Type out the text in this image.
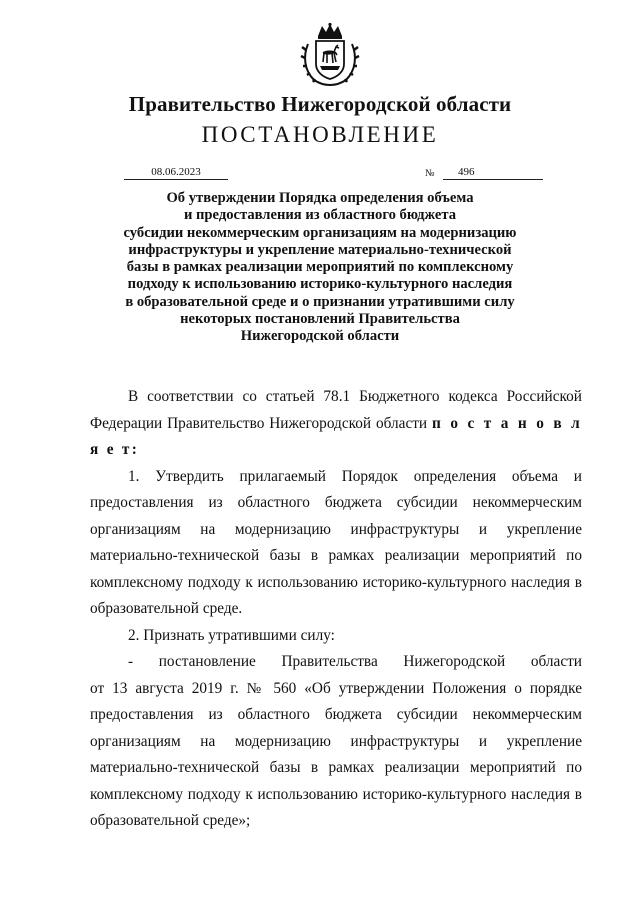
Правительство Нижегородской области
ПОСТАНОВЛЕНИЕ
08.06.2023	№	496
Об утверждении Порядка определения объема
и предоставления из областного бюджета
субсидии некоммерческим организациям на модернизацию
инфраструктуры и укрепление материально-технической
базы в рамках реализации мероприятий по комплексному
подходу к использованию историко-культурного наследия
в образовательной среде и о признании утратившими силу
некоторых постановлений Правительства
Нижегородской области

В соответствии со статьей 78.1 Бюджетного кодекса Российской Федерации Правительство Нижегородской области п о с т а н о в л я е т:

1. Утвердить прилагаемый Порядок определения объема и предоставления из областного бюджета субсидии некоммерческим организациям на модернизацию инфраструктуры и укрепление материально-технической базы в рамках реализации мероприятий по комплексному подходу к использованию историко-культурного наследия в образовательной среде.

2. Признать утратившими силу:

- постановление Правительства Нижегородской области

от 13 августа 2019 г. № 560 «Об утверждении Положения о порядке предоставления из областного бюджета субсидии некоммерческим организациям на модернизацию инфраструктуры и укрепление материально-технической базы в рамках реализации мероприятий по комплексному подходу к использованию историко-культурного наследия в образовательной среде»;
